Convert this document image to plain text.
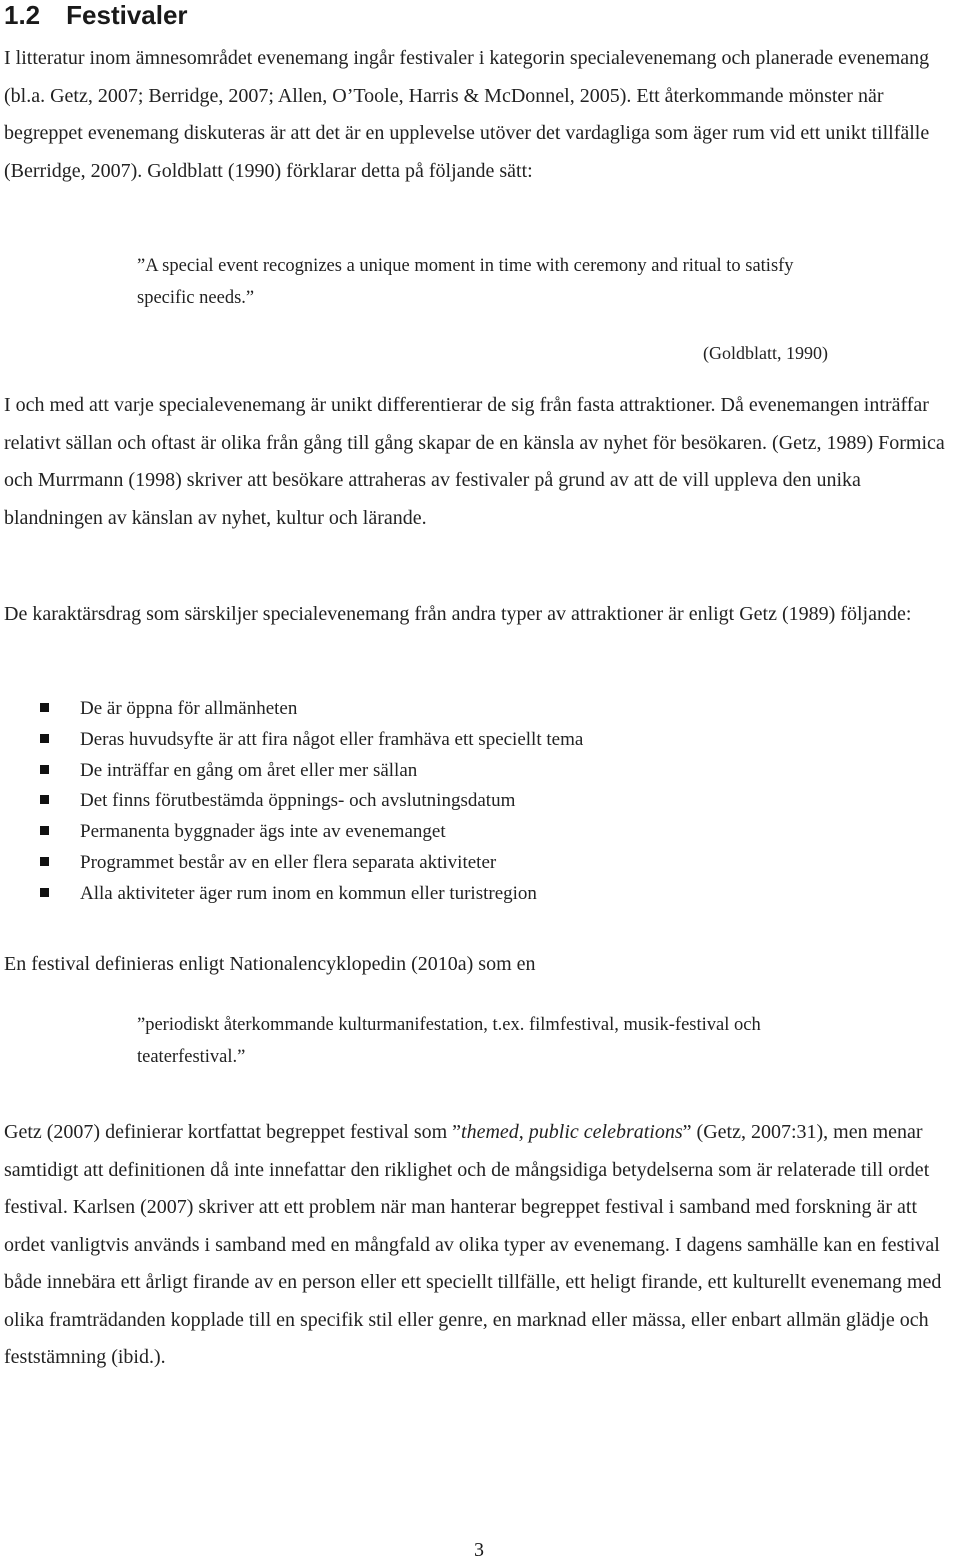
1.2 Festivaler

I litteratur inom ämnesområdet evenemang ingår festivaler i kategorin specialevenemang och planerade evenemang (bl.a. Getz, 2007; Berridge, 2007; Allen, O’Toole, Harris & McDonnel, 2005). Ett återkommande mönster när begreppet evenemang diskuteras är att det är en upplevelse utöver det vardagliga som äger rum vid ett unikt tillfälle (Berridge, 2007). Goldblatt (1990) förklarar detta på följande sätt:

”A special event recognizes a unique moment in time with ceremony and ritual to satisfy specific needs.”

(Goldblatt, 1990)

I och med att varje specialevenemang är unikt differentierar de sig från fasta attraktioner. Då evenemangen inträffar relativt sällan och oftast är olika från gång till gång skapar de en känsla av nyhet för besökaren. (Getz, 1989) Formica och Murrmann (1998) skriver att besökare attraheras av festivaler på grund av att de vill uppleva den unika blandningen av känslan av nyhet, kultur och lärande.

De karaktärsdrag som särskiljer specialevenemang från andra typer av attraktioner är enligt Getz (1989) följande:

De är öppna för allmänheten
Deras huvudsyfte är att fira något eller framhäva ett speciellt tema
De inträffar en gång om året eller mer sällan
Det finns förutbestämda öppnings- och avslutningsdatum
Permanenta byggnader ägs inte av evenemanget
Programmet består av en eller flera separata aktiviteter
Alla aktiviteter äger rum inom en kommun eller turistregion

En festival definieras enligt Nationalencyklopedin (2010a) som en

”periodiskt återkommande kulturmanifestation, t.ex. filmfestival, musik-festival och teaterfestival.”

Getz (2007) definierar kortfattat begreppet festival som ”themed, public celebrations” (Getz, 2007:31), men menar samtidigt att definitionen då inte innefattar den riklighet och de mångsidiga betydelserna som är relaterade till ordet festival. Karlsen (2007) skriver att ett problem när man hanterar begreppet festival i samband med forskning är att ordet vanligtvis används i samband med en mångfald av olika typer av evenemang. I dagens samhälle kan en festival både innebära ett årligt firande av en person eller ett speciellt tillfälle, ett heligt firande, ett kulturellt evenemang med olika framträdanden kopplade till en specifik stil eller genre, en marknad eller mässa, eller enbart allmän glädje och feststämning (ibid.).

3
